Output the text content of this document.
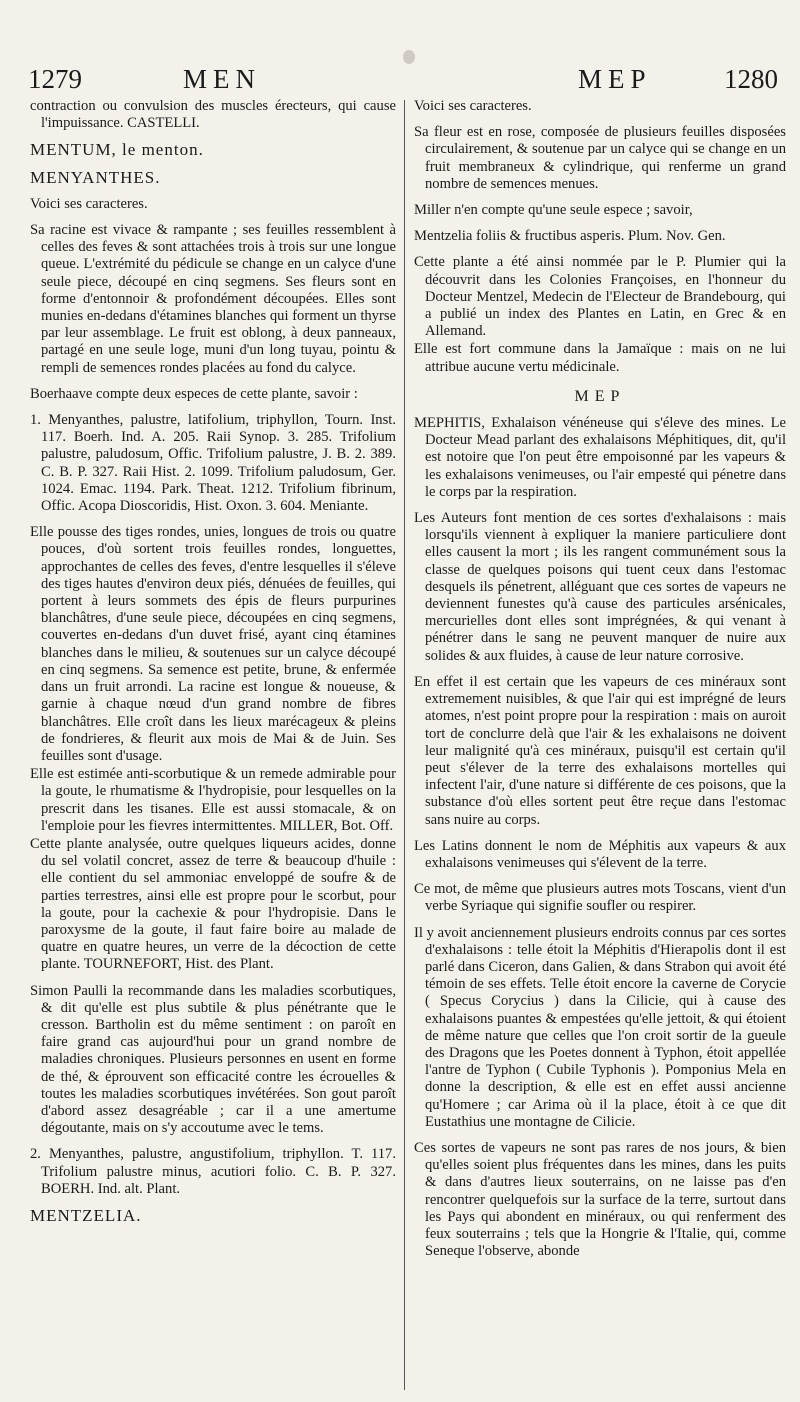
1279	MEN	MEP	1280

contraction ou convulsion des muscles érecteurs, qui cause l'impuissance. CASTELLI.

MENTUM, le menton.
MENYANTHES.

Voici ses caracteres.

Sa racine est vivace & rampante ; ses feuilles ressemblent à celles des feves & sont attachées trois à trois sur une longue queue. L'extrémité du pédicule se change en un calyce d'une seule piece, découpé en cinq segmens. Ses fleurs sont en forme d'entonnoir & profondément découpées. Elles sont munies en-dedans d'étamines blanches qui forment un thyrse par leur assemblage. Le fruit est oblong, à deux panneaux, partagé en une seule loge, muni d'un long tuyau, pointu & rempli de semences rondes placées au fond du calyce.

Boerhaave compte deux especes de cette plante, savoir :

1. Menyanthes, palustre, latifolium, triphyllon, Tourn. Inst. 117. Boerh. Ind. A. 205. Raii Synop. 3. 285. Trifolium palustre, paludosum, Offic. Trifolium palustre, J. B. 2. 389. C. B. P. 327. Raii Hist. 2. 1099. Trifolium paludosum, Ger. 1024. Emac. 1194. Park. Theat. 1212. Trifolium fibrinum, Offic. Acopa Dioscoridis, Hist. Oxon. 3. 604. Meniante.

Elle pousse des tiges rondes, unies, longues de trois ou quatre pouces, d'où sortent trois feuilles rondes, longuettes, approchantes de celles des feves, d'entre lesquelles il s'éleve des tiges hautes d'environ deux piés, dénuées de feuilles, qui portent à leurs sommets des épis de fleurs purpurines blanchâtres, d'une seule piece, découpées en cinq segmens, couvertes en-dedans d'un duvet frisé, ayant cinq étamines blanches dans le milieu, & soutenues sur un calyce découpé en cinq segmens. Sa semence est petite, brune, & enfermée dans un fruit arrondi. La racine est longue & noueuse, & garnie à chaque nœud d'un grand nombre de fibres blanchâtres. Elle croît dans les lieux marécageux & pleins de fondrieres, & fleurit aux mois de Mai & de Juin. Ses feuilles sont d'usage.

Elle est estimée anti-scorbutique & un remede admirable pour la goute, le rhumatisme & l'hydropisie, pour lesquelles on la prescrit dans les tisanes. Elle est aussi stomacale, & on l'emploie pour les fievres intermittentes. MILLER, Bot. Off.

Cette plante analysée, outre quelques liqueurs acides, donne du sel volatil concret, assez de terre & beaucoup d'huile : elle contient du sel ammoniac enveloppé de soufre & de parties terrestres, ainsi elle est propre pour le scorbut, pour la goute, pour la cachexie & pour l'hydropisie. Dans le paroxysme de la goute, il faut faire boire au malade de quatre en quatre heures, un verre de la décoction de cette plante. TOURNEFORT, Hist. des Plant.

Simon Paulli la recommande dans les maladies scorbutiques, & dit qu'elle est plus subtile & plus pénétrante que le cresson. Bartholin est du même sentiment : on paroît en faire grand cas aujourd'hui pour un grand nombre de maladies chroniques. Plusieurs personnes en usent en forme de thé, & éprouvent son efficacité contre les écrouelles & toutes les maladies scorbutiques invétérées. Son gout paroît d'abord assez desagréable ; car il a une amertume dégoutante, mais on s'y accoutume avec le tems.

2. Menyanthes, palustre, angustifolium, triphyllon. T. 117. Trifolium palustre minus, acutiori folio. C. B. P. 327. BOERH. Ind. alt. Plant.

MENTZELIA.

Voici ses caracteres.

Sa fleur est en rose, composée de plusieurs feuilles disposées circulairement, & soutenue par un calyce qui se change en un fruit membraneux & cylindrique, qui renferme un grand nombre de semences menues.

Miller n'en compte qu'une seule espece ; savoir,

Mentzelia foliis & fructibus asperis. Plum. Nov. Gen.

Cette plante a été ainsi nommée par le P. Plumier qui la découvrit dans les Colonies Françoises, en l'honneur du Docteur Mentzel, Medecin de l'Electeur de Brandebourg, qui a publié un index des Plantes en Latin, en Grec & en Allemand.

Elle est fort commune dans la Jamaïque : mais on ne lui attribue aucune vertu médicinale.

MEP

MEPHITIS, Exhalaison vénéneuse qui s'éleve des mines. Le Docteur Mead parlant des exhalaisons Méphitiques, dit, qu'il est notoire que l'on peut être empoisonné par les vapeurs & les exhalaisons venimeuses, ou l'air empesté qui pénetre dans le corps par la respiration.

Les Auteurs font mention de ces sortes d'exhalaisons : mais lorsqu'ils viennent à expliquer la maniere particuliere dont elles causent la mort ; ils les rangent communément sous la classe de quelques poisons qui tuent ceux dans l'estomac desquels ils pénetrent, alléguant que ces sortes de vapeurs ne deviennent funestes qu'à cause des particules arsénicales, mercurielles dont elles sont imprégnées, & qui venant à pénétrer dans le sang ne peuvent manquer de nuire aux solides & aux fluides, à cause de leur nature corrosive.

En effet il est certain que les vapeurs de ces minéraux sont extremement nuisibles, & que l'air qui est imprégné de leurs atomes, n'est point propre pour la respiration : mais on auroit tort de conclurre delà que l'air & les exhalaisons ne doivent leur malignité qu'à ces minéraux, puisqu'il est certain qu'il peut s'élever de la terre des exhalaisons mortelles qui infectent l'air, d'une nature si différente de ces poisons, que la substance d'où elles sortent peut être reçue dans l'estomac sans nuire au corps.

Les Latins donnent le nom de Méphitis aux vapeurs & aux exhalaisons venimeuses qui s'élevent de la terre.

Ce mot, de même que plusieurs autres mots Toscans, vient d'un verbe Syriaque qui signifie soufler ou respirer.

Il y avoit anciennement plusieurs endroits connus par ces sortes d'exhalaisons : telle étoit la Méphitis d'Hierapolis dont il est parlé dans Ciceron, dans Galien, & dans Strabon qui avoit été témoin de ses effets. Telle étoit encore la caverne de Corycie ( Specus Corycius ) dans la Cilicie, qui à cause des exhalaisons puantes & empestées qu'elle jettoit, & qui étoient de même nature que celles que l'on croit sortir de la gueule des Dragons que les Poetes donnent à Typhon, étoit appellée l'antre de Typhon ( Cubile Typhonis ). Pomponius Mela en donne la description, & elle est en effet aussi ancienne qu'Homere ; car Arima où il la place, étoit à ce que dit Eustathius une montagne de Cilicie.

Ces sortes de vapeurs ne sont pas rares de nos jours, & bien qu'elles soient plus fréquentes dans les mines, dans les puits & dans d'autres lieux souterrains, on ne laisse pas d'en rencontrer quelquefois sur la surface de la terre, surtout dans les Pays qui abondent en minéraux, ou qui renferment des feux souterrains ; tels que la Hongrie & l'Italie, qui, comme Seneque l'observe, abonde
